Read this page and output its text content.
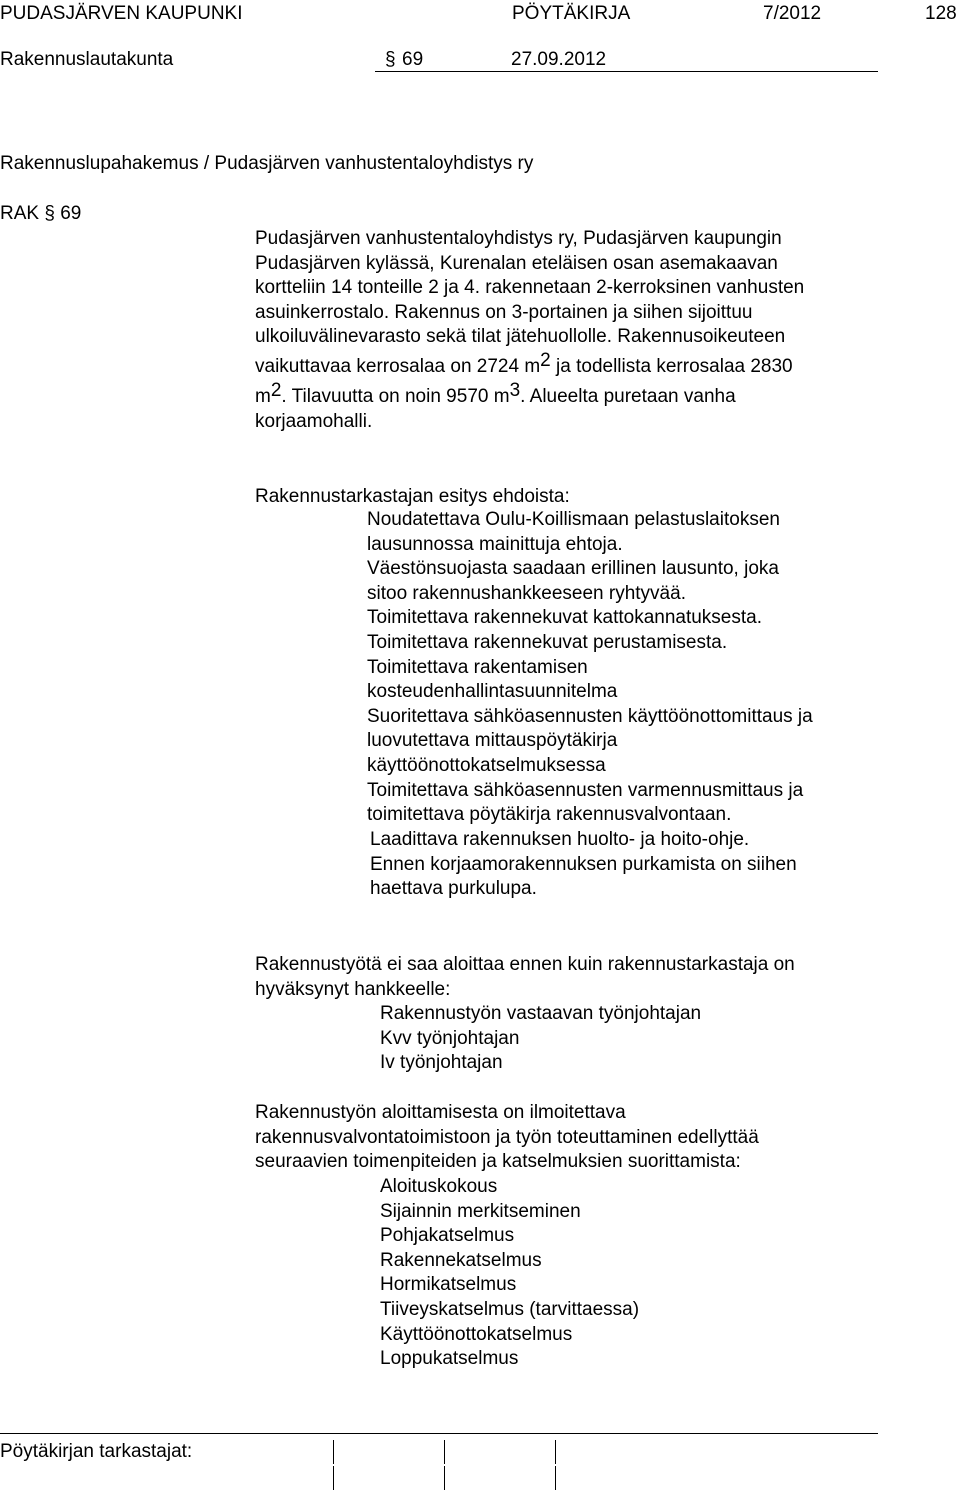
PUDASJÄRVEN KAUPUNKI	PÖYTÄKIRJA	7/2012	128
Rakennuslautakunta	§ 69	27.09.2012
Rakennuslupahakemus / Pudasjärven vanhustentaloyhdistys ry
RAK § 69
Pudasjärven vanhustentaloyhdistys ry, Pudasjärven kaupungin
Pudasjärven kylässä, Kurenalan eteläisen osan asemakaavan
kortteliin 14 tonteille 2 ja 4. rakennetaan 2-kerroksinen vanhusten
asuinkerrostalo. Rakennus on 3-portainen ja siihen sijoittuu
ulkoiluvälinevarasto sekä tilat jätehuollolle. Rakennusoikeuteen
vaikuttavaa kerrosalaa on 2724 $m^2$ ja todellista kerrosalaa 2830
$m^2$. Tilavuutta on noin 9570 $m^3$. Alueelta puretaan vanha
korjaamohalli.
Rakennustarkastajan esitys ehdoista:
Noudatettava Oulu-Koillismaan pelastuslaitoksen
lausunnossa mainittuja ehtoja.
Väestönsuojasta saadaan erillinen lausunto, joka
sitoo rakennushankkeeseen ryhtyvää.
Toimitettava rakennekuvat kattokannatuksesta.
Toimitettava rakennekuvat perustamisesta.
Toimitettava rakentamisen
kosteudenhallintasuunnitelma
Suoritettava sähköasennusten käyttöönottomittaus ja
luovutettava mittauspöytäkirja
käyttöönottokatselmuksessa
Toimitettava sähköasennusten varmennusmittaus ja
toimitettava pöytäkirja rakennusvalvontaan.
Laadittava rakennuksen huolto- ja hoito-ohje.
Ennen korjaamorakennuksen purkamista on siihen
haettava purkulupa.
Rakennustyötä ei saa aloittaa ennen kuin rakennustarkastaja on
hyväksynyt hankkeelle:
Rakennustyön vastaavan työnjohtajan
Kvv työnjohtajan
Iv työnjohtajan
Rakennustyön aloittamisesta on ilmoitettava
rakennusvalvontatoimistoon ja työn toteuttaminen edellyttää
seuraavien toimenpiteiden ja katselmuksien suorittamista:
Aloituskokous
Sijainnin merkitseminen
Pohjakatselmus
Rakennekatselmus
Hormikatselmus
Tiiveyskatselmus (tarvittaessa)
Käyttöönottokatselmus
Loppukatselmus
Pöytäkirjan tarkastajat:
